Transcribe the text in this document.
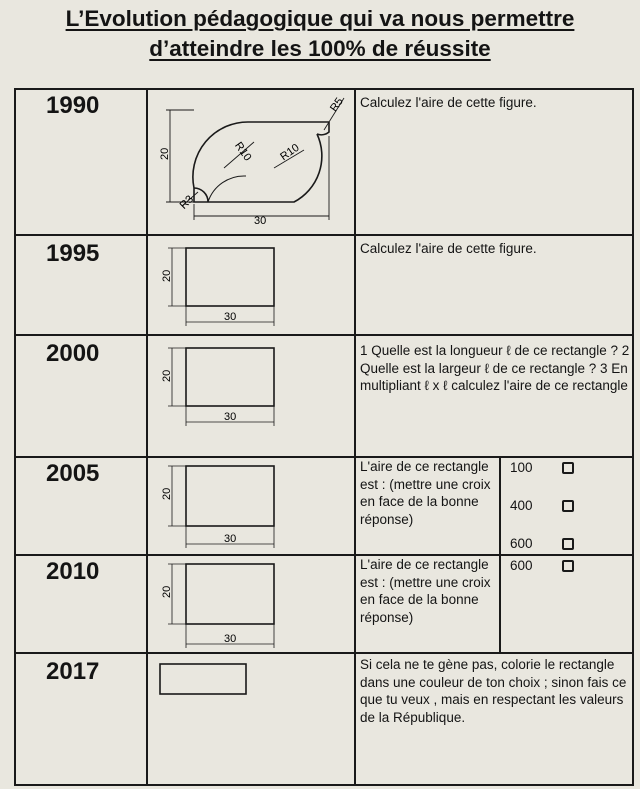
L’Evolution pédagogique qui va nous permettre
d’atteindre les 100% de réussite
1990
20
30
R10 R10
R5
R3
Calculez l'aire de cette figure.
1995
20
30
Calculez l'aire de cette figure.
2000
20
30
1 Quelle est la longueur ℓ de ce rectangle ? 2 Quelle est la largeur ℓ de ce rectangle ? 3 En multipliant ℓ x ℓ calculez l'aire de ce rectangle
2005
20
30
L'aire de ce rectangle est : (mettre une croix en face de la bonne réponse)
100
400
600
2010
20
30
L'aire de ce rectangle est : (mettre une croix en face de la bonne réponse)
600
2017	Si cela ne te gène pas, colorie le rectangle dans une couleur de ton choix ; sinon fais ce que tu veux , mais en respectant les valeurs de la République.
